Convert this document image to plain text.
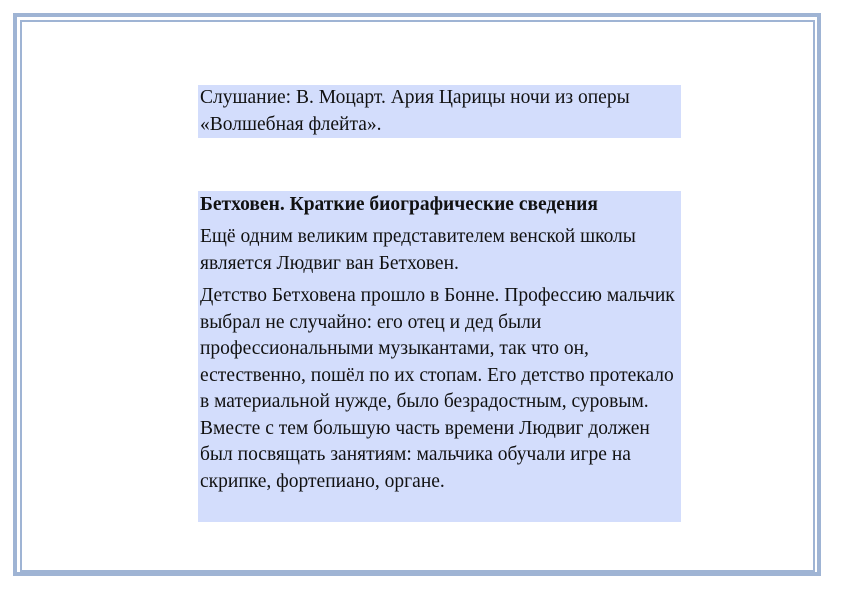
Слушание: В. Моцарт. Ария Царицы ночи из оперы «Волшебная флейта».
Бетховен. Краткие биографические сведения
Ещё одним великим представителем венской школы является Людвиг ван Бетховен.
Детство Бетховена прошло в Бонне. Профессию мальчик выбрал не случайно: его отец и дед были профессиональными музыкантами, так что он, естественно, пошёл по их стопам. Его детство протекало в материальной нужде, было безрадостным, суровым. Вместе с тем большую часть времени Людвиг должен был посвящать занятиям: мальчика обучали игре на скрипке, фортепиано, органе.
